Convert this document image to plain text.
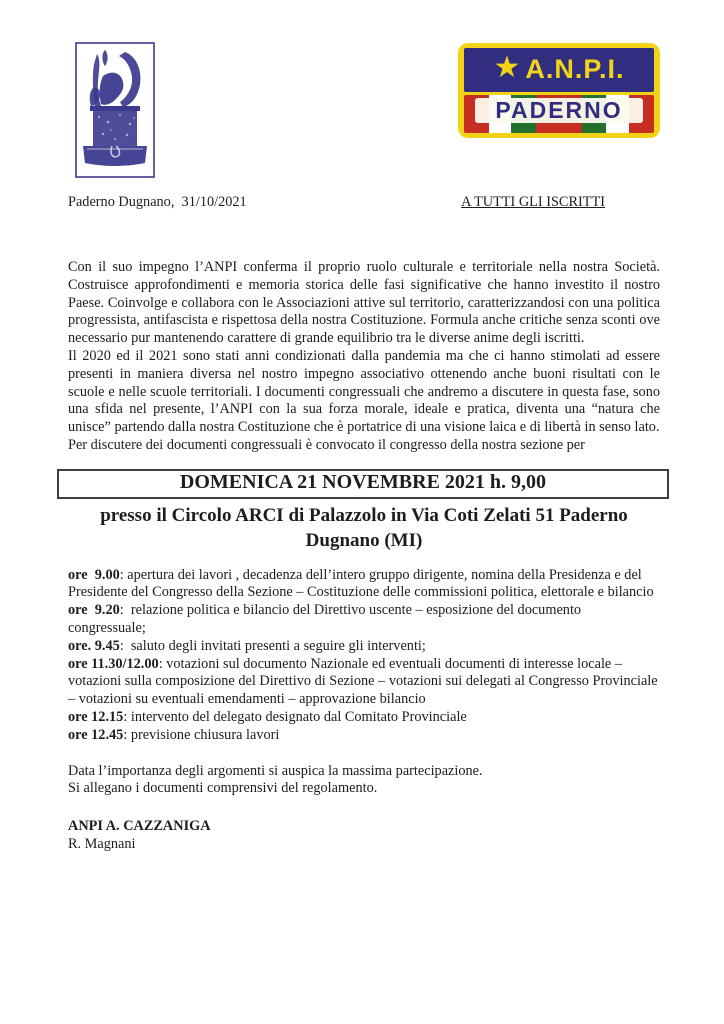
★ A.N.P.I.
PADERNO
Paderno Dugnano,  31/10/2021	A TUTTI GLI ISCRITTI

Con il suo impegno l’ANPI conferma il proprio ruolo culturale e territoriale nella nostra Società. Costruisce approfondimenti e memoria storica delle fasi significative che hanno investito il nostro Paese. Coinvolge e collabora con le Associazioni attive sul territorio, caratterizzandosi con una politica progressista, antifascista e rispettosa della nostra Costituzione. Formula anche critiche senza sconti ove necessario pur mantenendo carattere di grande equilibrio tra le diverse anime degli iscritti.

Il 2020 ed il 2021 sono stati anni condizionati dalla pandemia ma che ci hanno stimolati ad essere presenti in maniera diversa nel nostro impegno associativo ottenendo anche buoni risultati con le scuole e nelle scuole territoriali. I documenti congressuali che andremo a discutere in questa fase, sono una sfida nel presente, l’ANPI con la sua forza morale, ideale e pratica, diventa una “natura che unisce” partendo dalla nostra Costituzione che è portatrice di una visione laica e di libertà in senso lato.

Per discutere dei documenti congressuali è convocato il congresso della nostra sezione per

DOMENICA 21 NOVEMBRE 2021 h. 9,00
presso il Circolo ARCI di Palazzolo in Via Coti Zelati 51 Paderno
Dugnano (MI)

ore  9.00: apertura dei lavori , decadenza dell’intero gruppo dirigente, nomina della Presidenza e del Presidente del Congresso della Sezione – Costituzione delle commissioni politica, elettorale e bilancio

ore  9.20:  relazione politica e bilancio del Direttivo uscente – esposizione del documento congressuale;

ore. 9.45:  saluto degli invitati presenti a seguire gli interventi;

ore 11.30/12.00: votazioni sul documento Nazionale ed eventuali documenti di interesse locale – votazioni sulla composizione del Direttivo di Sezione – votazioni sui delegati al Congresso Provinciale – votazioni su eventuali emendamenti – approvazione bilancio

ore 12.15: intervento del delegato designato dal Comitato Provinciale

ore 12.45: previsione chiusura lavori

Data l’importanza degli argomenti si auspica la massima partecipazione.

Si allegano i documenti comprensivi del regolamento.

ANPI A. CAZZANIGA

R. Magnani
